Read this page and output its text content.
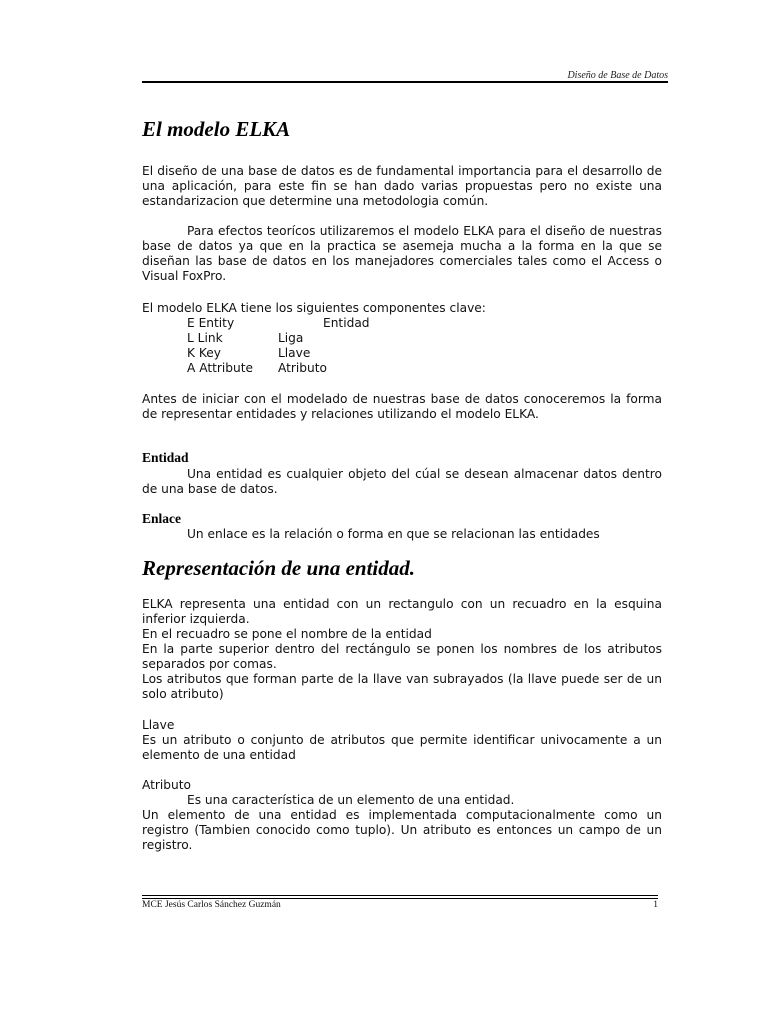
Diseño de Base de Datos
El modelo ELKA
El diseño de una base de datos es de fundamental importancia para el desarrollo de una aplicación, para este fin se han dado varias propuestas pero no existe una estandarizacion que determine una metodologia común.
Para efectos teorícos utilizaremos el modelo ELKA para el diseño de nuestras base de datos ya que en la practica se asemeja mucha a la forma en la que se diseñan las base de datos en los manejadores comerciales tales como el Access o Visual FoxPro.
El modelo ELKA tiene los siguientes componentes clave:
E Entity	Entidad
L Link	Liga
K Key	Llave
A Attribute Atributo
Antes de iniciar con el modelado de nuestras base de datos conoceremos la forma de representar entidades y relaciones utilizando el modelo ELKA.
Entidad
Una entidad es cualquier objeto del cúal se desean almacenar datos dentro de una base de datos.
Enlace
Un enlace es la relación o forma en que se relacionan las entidades
Representación de una entidad.
ELKA representa una entidad con un rectangulo con un recuadro en la esquina inferior izquierda.
En el recuadro se pone el nombre de la entidad
En la parte superior dentro del rectángulo se ponen los nombres de los atributos separados por comas.
Los atributos que forman parte de la llave van subrayados (la llave puede ser de un solo atributo)
Llave
Es un atributo o conjunto de atributos que permite identificar univocamente a un elemento de una entidad
Atributo
Es una característica de un elemento de una entidad.
Un elemento de una entidad es implementada computacionalmente como un registro (Tambien conocido como tuplo). Un atributo es entonces un campo de un registro.
MCE Jesús Carlos Sánchez Guzmán	1
